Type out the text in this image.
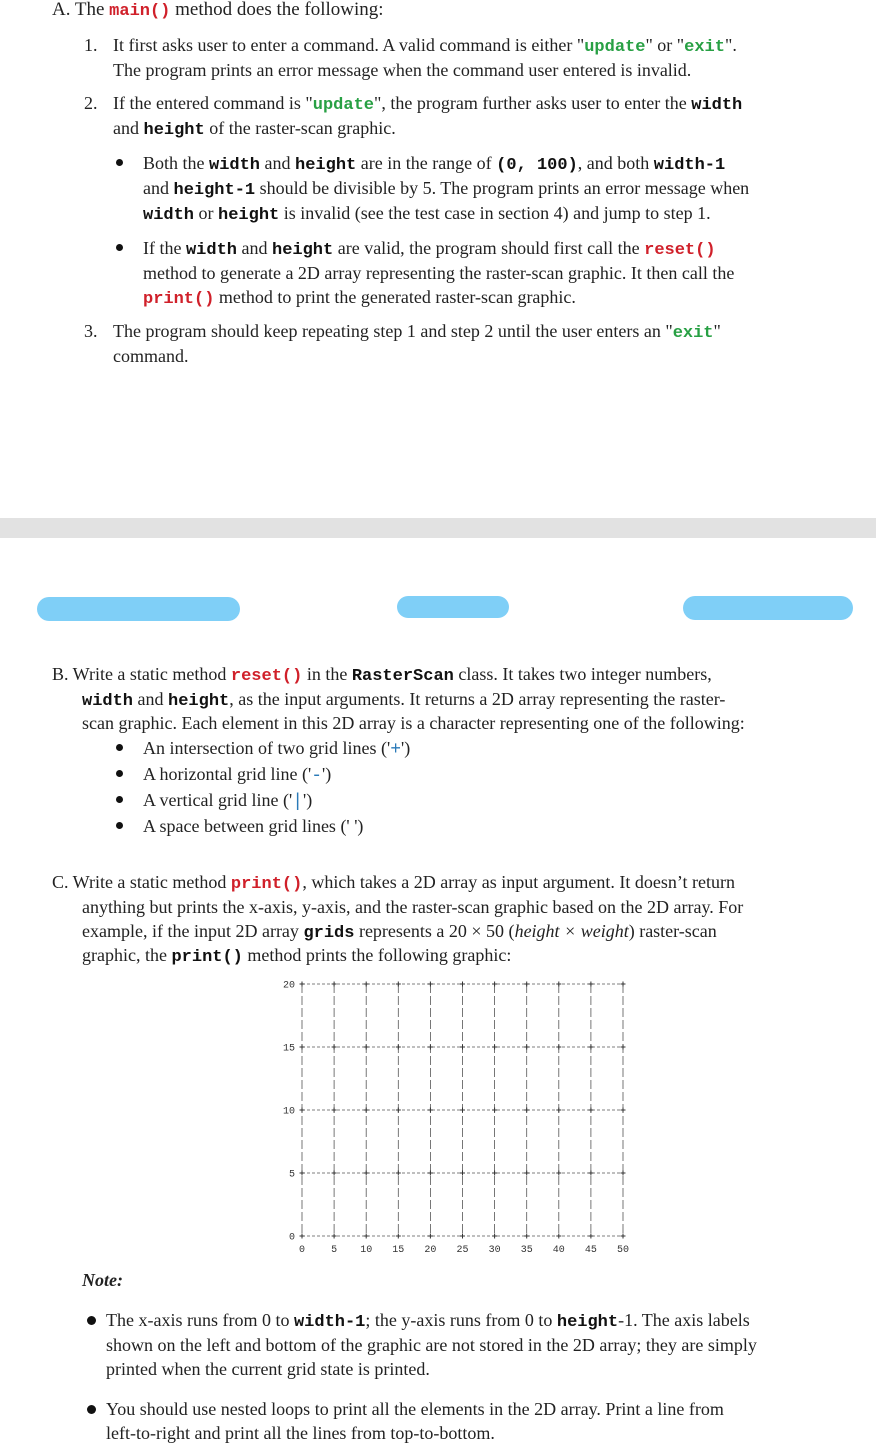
A. The main() method does the following:
1. It first asks user to enter a command. A valid command is either "update" or "exit".
The program prints an error message when the command user entered is invalid.
2. If the entered command is "update", the program further asks user to enter the width
and height of the raster-scan graphic.
Both the width and height are in the range of (0, 100), and both width-1
and height-1 should be divisible by 5. The program prints an error message when
width or height is invalid (see the test case in section 4) and jump to step 1.
If the width and height are valid, the program should first call the reset()
method to generate a 2D array representing the raster-scan graphic. It then call the
print() method to print the generated raster-scan graphic.
3. The program should keep repeating step 1 and step 2 until the user enters an "exit"
command.
B. Write a static method reset() in the RasterScan class. It takes two integer numbers,
width and height, as the input arguments. It returns a 2D array representing the raster-
scan graphic. Each element in this 2D array is a character representing one of the following:
An intersection of two grid lines ('+')
A horizontal grid line ('-')
A vertical grid line ('|')
A space between grid lines (' ')
C. Write a static method print(), which takes a 2D array as input argument. It doesn’t return
anything but prints the x-axis, y-axis, and the raster-scan graphic based on the 2D array. For
example, if the input 2D array grids represents a 20 × 50 (height × weight) raster-scan
graphic, the print() method prints the following graphic:
20
15
10
5
0
0	5 10 15 20 25 30 35 40 45 50
Note:
The x-axis runs from 0 to width-1; the y-axis runs from 0 to height-1. The axis labels
shown on the left and bottom of the graphic are not stored in the 2D array; they are simply
printed when the current grid state is printed.
You should use nested loops to print all the elements in the 2D array. Print a line from
left-to-right and print all the lines from top-to-bottom.
